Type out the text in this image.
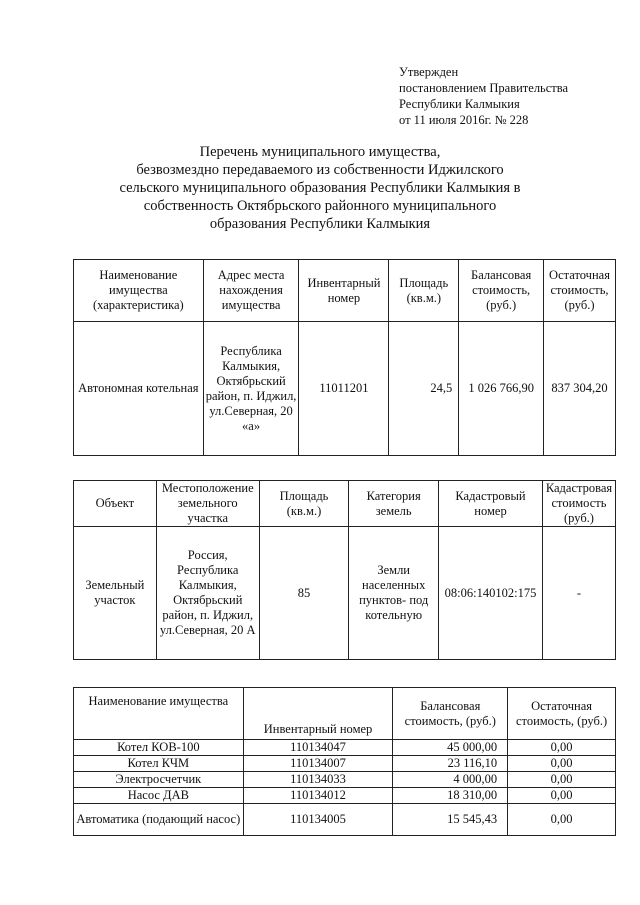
Утвержден
постановлением Правительства
Республики Калмыкия
от 11 июля 2016г. № 228
Перечень муниципального имущества,
безвозмездно передаваемого из собственности Иджилского
сельского муниципального образования Республики Калмыкия в
собственность Октябрьского районного муниципального
образования Республики Калмыкия
Наименование имущества (характеристика)	Адрес места нахождения имущества	Инвентарный номер	Площадь (кв.м.)	Балансовая стоимость, (руб.)	Остаточная стоимость, (руб.)
Автономная котельная	Республика Калмыкия, Октябрьский район, п. Иджил, ул.Северная, 20 «а»	11011201	24,5	1 026 766,90	837 304,20
Объект	Местоположение земельного участка	Площадь (кв.м.)	Категория земель	Кадастровый номер	Кадастровая стоимость (руб.)
Земельный участок	Россия, Республика Калмыкия, Октябрьский район, п. Иджил, ул.Северная, 20 А	85	Земли населенных пунктов- под котельную	08:06:140102:175	-
Наименование имущества	Инвентарный номер	Балансовая стоимость, (руб.)	Остаточная стоимость, (руб.)
Котел КОВ-100	110134047	45 000,00	0,00
Котел КЧМ	110134007	23 116,10	0,00
Электросчетчик	110134033	4 000,00	0,00
Насос ДАВ	110134012	18 310,00	0,00
Автоматика (подающий насос)	110134005	15 545,43	0,00
